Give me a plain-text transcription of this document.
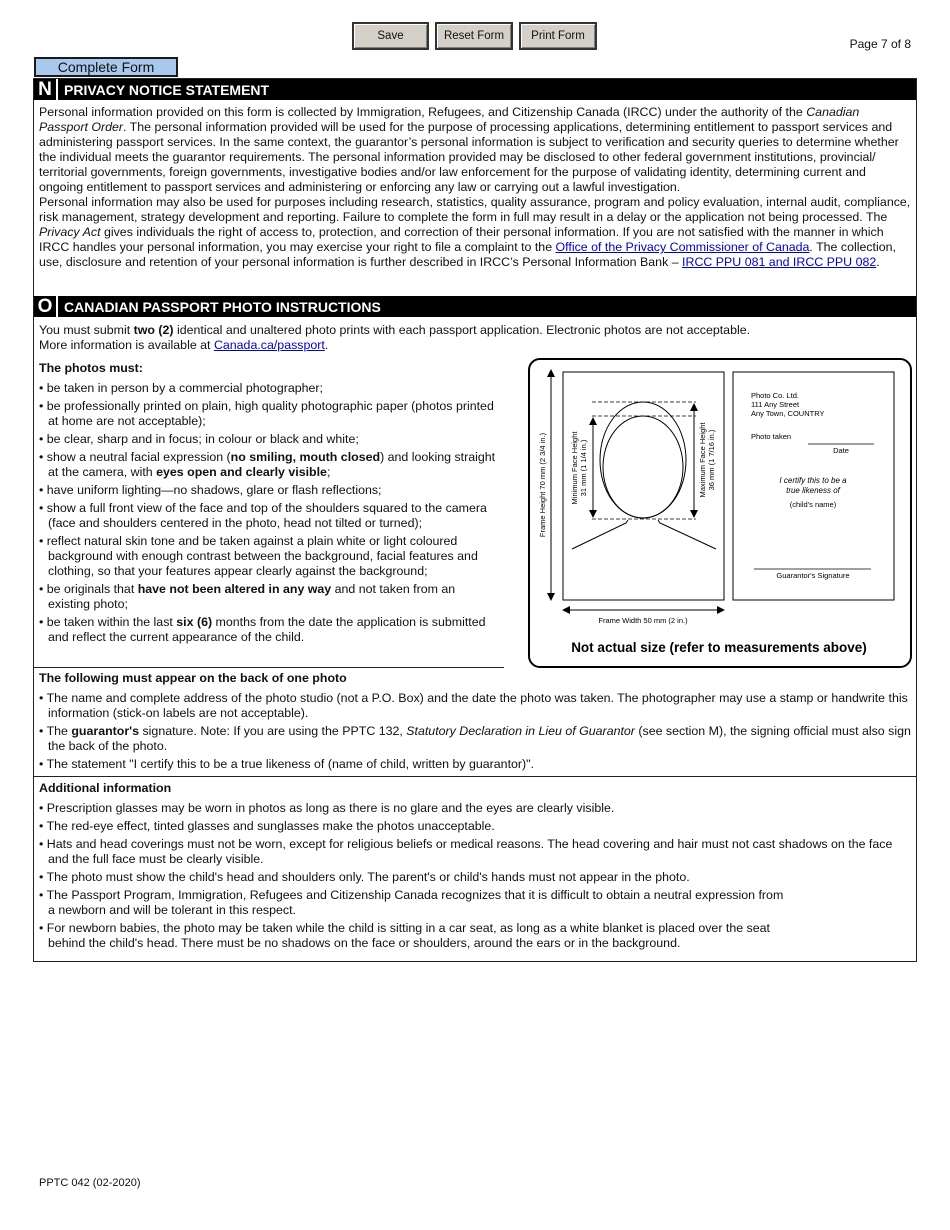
Save	Reset Form	Print Form
Page 7 of 8
Complete Form
N PRIVACY NOTICE STATEMENT

Personal information provided on this form is collected by Immigration, Refugees, and Citizenship Canada (IRCC) under the authority of the Canadian Passport Order. The personal information provided will be used for the purpose of processing applications, determining entitlement to passport services and administering passport services. In the same context, the guarantor’s personal information is subject to verification and security queries to determine whether the individual meets the guarantor requirements. The personal information provided may be disclosed to other federal government institutions, provincial/ territorial governments, foreign governments, investigative bodies and/or law enforcement for the purpose of validating identity, determining current and ongoing entitlement to passport services and administering or enforcing any law or carrying out a lawful investigation.

Personal information may also be used for purposes including research, statistics, quality assurance, program and policy evaluation, internal audit, compliance, risk management, strategy development and reporting. Failure to complete the form in full may result in a delay or the application not being processed. The Privacy Act gives individuals the right of access to, protection, and correction of their personal information. If you are not satisfied with the manner in which IRCC handles your personal information, you may exercise your right to file a complaint to the Office of the Privacy Commissioner of Canada. The collection, use, disclosure and retention of your personal information is further described in IRCC’s Personal Information Bank – IRCC PPU 081 and IRCC PPU 082.

O CANADIAN PASSPORT PHOTO INSTRUCTIONS

You must submit two (2) identical and unaltered photo prints with each passport application. Electronic photos are not acceptable.

More information is available at Canada.ca/passport.

The photos must:

• be taken in person by a commercial photographer;
• be professionally printed on plain, high quality photographic paper (photos printed at home are not acceptable);
• be clear, sharp and in focus; in colour or black and white;
• show a neutral facial expression (no smiling, mouth closed) and looking straight at the camera, with eyes open and clearly visible;
• have uniform lighting—no shadows, glare or flash reflections;
• show a full front view of the face and top of the shoulders squared to the camera (face and shoulders centered in the photo, head not tilted or turned);
• reflect natural skin tone and be taken against a plain white or light coloured background with enough contrast between the background, facial features and clothing, so that your features appear clearly against the background;
• be originals that have not been altered in any way and not taken from an existing photo;
• be taken within the last six (6) months from the date the application is submitted and reflect the current appearance of the child.
Frame Height 70 mm (2 3/4 in.)	Minimum Face Height 31 mm (1 1/4 in.)	Maximum Face Height 36 mm (1 7/16 in.)
Frame Width 50 mm (2 in.)
Photo Co. Ltd.
111 Any Street
Any Town, COUNTRY
Photo taken
Date
I certify this to be a
true likeness of
(child's name)
Guarantor's Signature
Not actual size (refer to measurements above)

The following must appear on the back of one photo

• The name and complete address of the photo studio (not a P.O. Box) and the date the photo was taken. The photographer may use a stamp or handwrite this information (stick-on labels are not acceptable).
• The guarantor's signature. Note: If you are using the PPTC 132, Statutory Declaration in Lieu of Guarantor (see section M), the signing official must also sign the back of the photo.
• The statement "I certify this to be a true likeness of (name of child, written by guarantor)".

Additional information

• Prescription glasses may be worn in photos as long as there is no glare and the eyes are clearly visible.
• The red-eye effect, tinted glasses and sunglasses make the photos unacceptable.
• Hats and head coverings must not be worn, except for religious beliefs or medical reasons. The head covering and hair must not cast shadows on the face and the full face must be clearly visible.
• The photo must show the child's head and shoulders only. The parent's or child's hands must not appear in the photo.
• The Passport Program, Immigration, Refugees and Citizenship Canada recognizes that it is difficult to obtain a neutral expression from a newborn and will be tolerant in this respect.
• For newborn babies, the photo may be taken while the child is sitting in a car seat, as long as a white blanket is placed over the seat behind the child's head. There must be no shadows on the face or shoulders, around the ears or in the background.
PPTC 042 (02-2020)
